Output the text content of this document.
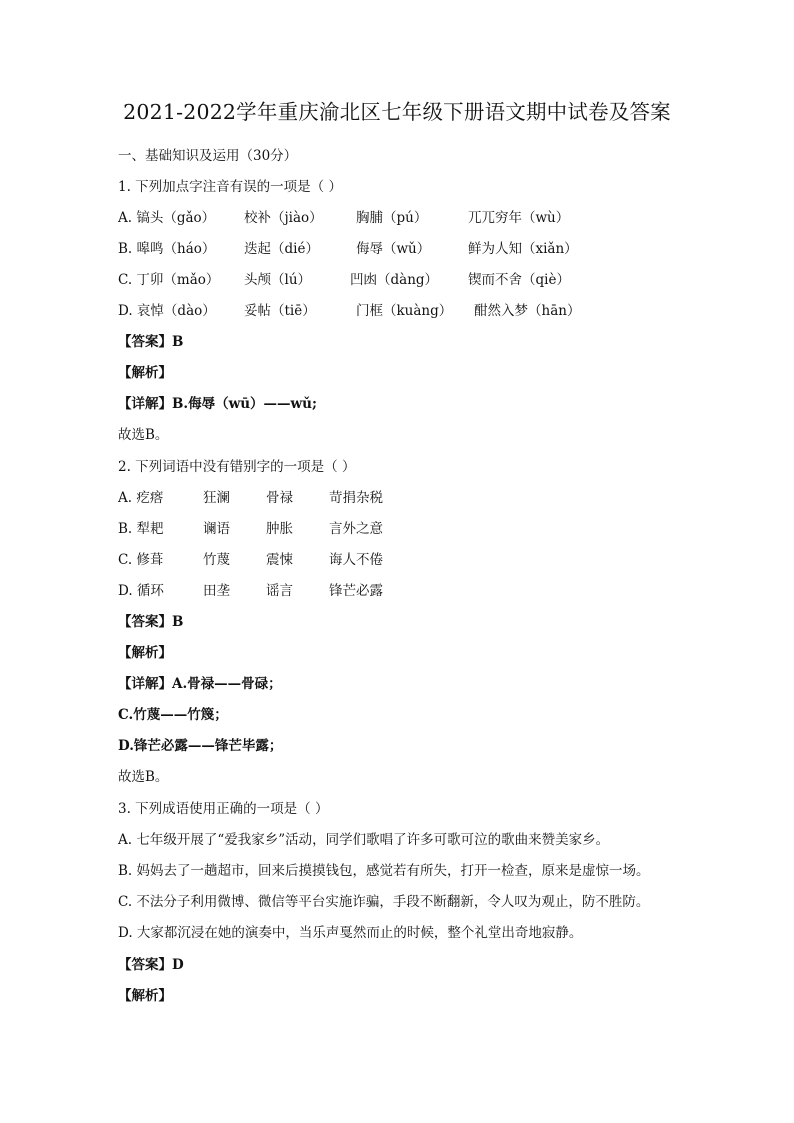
2021-2022学年重庆渝北区七年级下册语文期中试卷及答案
一、基础知识及运用（30分）
1. 下列加点字注音有误的一项是（ ）
A. 镐头（gǎo） 校补（jiào） 胸脯（pú）	兀兀穷年（wù）
B. 嗥鸣（háo） 迭起（dié）	侮辱（wǔ）	鲜为人知（xiǎn）
C. 丁卯（mǎo） 头颅（lú）	凹凼（dàng） 锲而不舍（qiè）
D. 哀悼（dào） 妥帖（tiē）	门框（kuàng） 酣然入梦（hān）
【答案】B
【解析】
【详解】B.侮辱（wū）——wǔ;
故选B。
2. 下列词语中没有错别字的一项是（ ）
A. 疙瘩	狂澜	骨禄	苛捐杂税
B. 犁耙	谰语	肿胀	言外之意
C. 修葺	竹蔑	震悚	诲人不倦
D. 循环	田垄	谣言	锋芒必露
【答案】B
【解析】
【详解】A.骨禄——骨碌；
C.竹蔑——竹篾；
D.锋芒必露——锋芒毕露；
故选B。
3. 下列成语使用正确的一项是（ ）
A. 七年级开展了“爱我家乡”活动，同学们歌唱了许多可歌可泣的歌曲来赞美家乡。
B. 妈妈去了一趟超市，回来后摸摸钱包，感觉若有所失，打开一检查，原来是虚惊一场。
C. 不法分子利用微博、微信等平台实施诈骗，手段不断翻新，令人叹为观止，防不胜防。
D. 大家都沉浸在她的演奏中，当乐声戛然而止的时候，整个礼堂出奇地寂静。
【答案】D
【解析】
